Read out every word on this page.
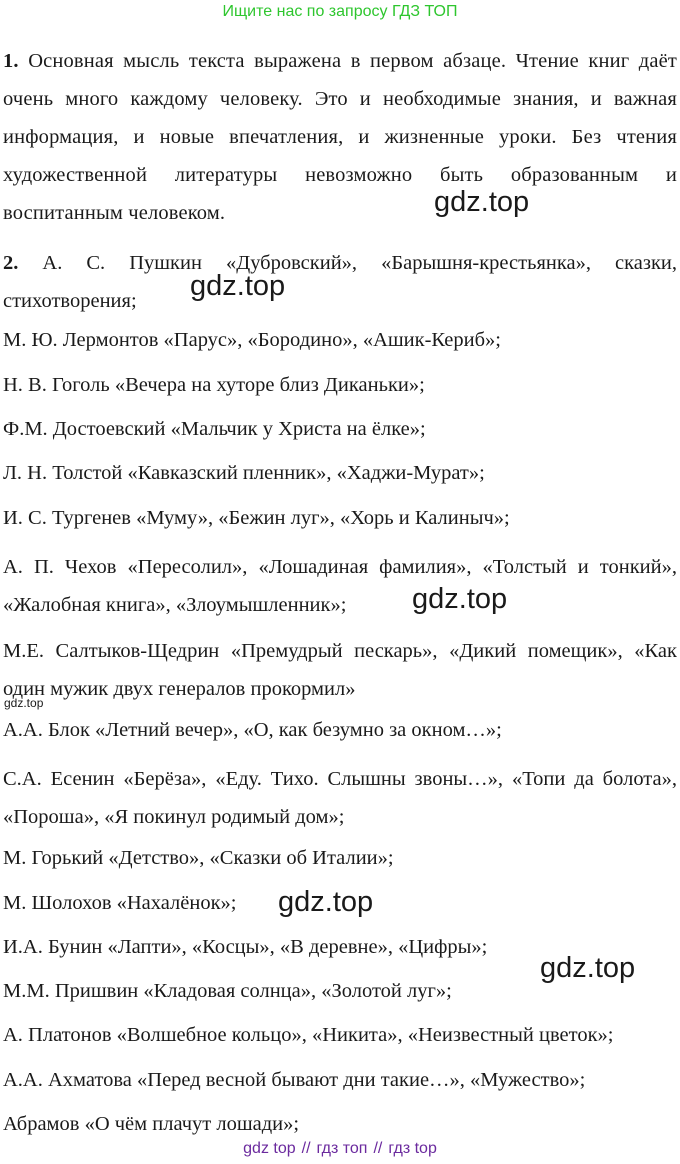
Ищите нас по запросу ГДЗ ТОП

1. Основная мысль текста выражена в первом абзаце. Чтение книг даёт очень много каждому человеку. Это и необходимые знания, и важная информация, и новые впечатления, и жизненные уроки. Без чтения художественной литературы невозможно быть образованным и воспитанным человеком.

2. А. С. Пушкин «Дубровский», «Барышня-крестьянка», сказки, стихотворения;

М. Ю. Лермонтов «Парус», «Бородино», «Ашик-Кериб»;

Н. В. Гоголь «Вечера на хуторе близ Диканьки»;

Ф.М. Достоевский «Мальчик у Христа на ёлке»;

Л. Н. Толстой «Кавказский пленник», «Хаджи-Мурат»;

И. С. Тургенев «Муму», «Бежин луг», «Хорь и Калиныч»;

А. П. Чехов «Пересолил», «Лошадиная фамилия», «Толстый и тонкий», «Жалобная книга», «Злоумышленник»;

М.Е. Салтыков-Щедрин «Премудрый пескарь», «Дикий помещик», «Как один мужик двух генералов прокормил»

А.А. Блок «Летний вечер», «О, как безумно за окном…»;

С.А. Есенин «Берёза», «Еду. Тихо. Слышны звоны…», «Топи да болота», «Пороша», «Я покинул родимый дом»;

М. Горький «Детство», «Сказки об Италии»;

М. Шолохов «Нахалёнок»;

И.А. Бунин «Лапти», «Косцы», «В деревне», «Цифры»;

М.М. Пришвин «Кладовая солнца», «Золотой луг»;

А. Платонов «Волшебное кольцо», «Никита», «Неизвестный цветок»;

А.А. Ахматова «Перед весной бывают дни такие…», «Мужество»;

Абрамов «О чём плачут лошади»;

gdz.top
gdz.top
gdz.top
gdz.top
gdz.top
gdz.top
gdz top // гдз топ // гдз top
